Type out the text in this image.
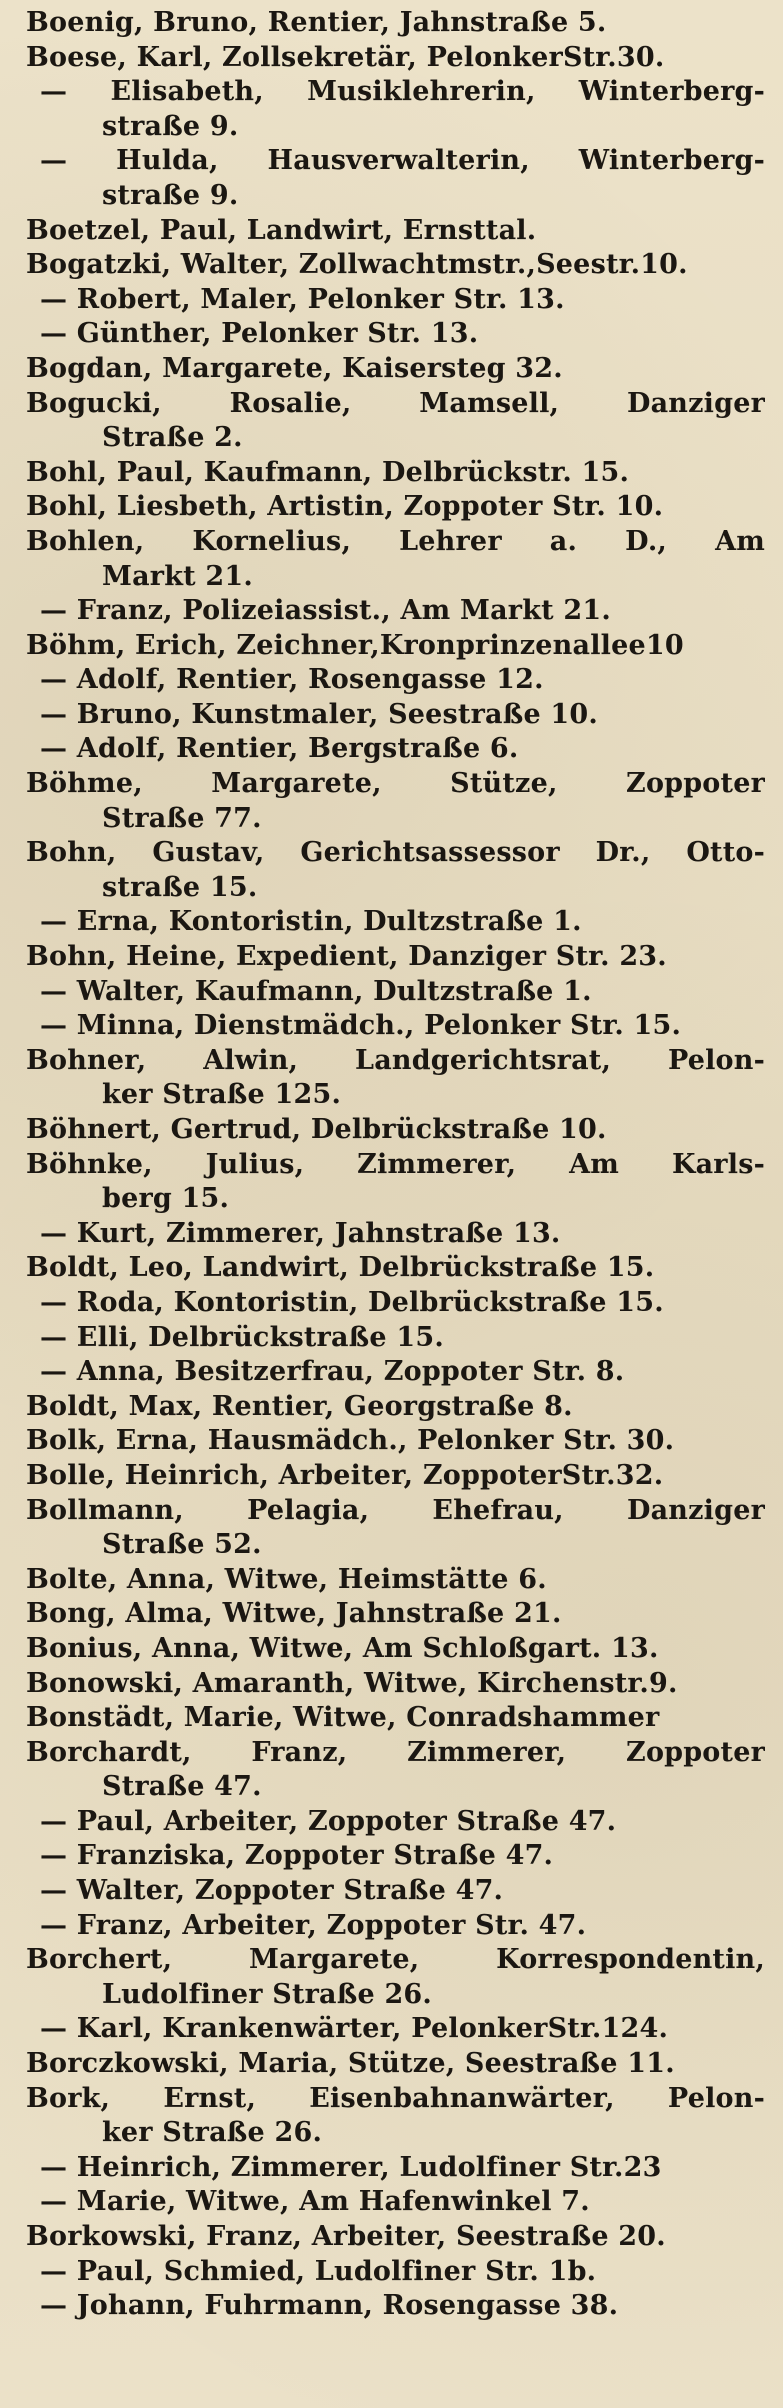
Boenig, Bruno, Rentier, Jahnstraße 5.
Boese, Karl, Zollsekretär, PelonkerStr.30.
— Elisabeth, Musiklehrerin, Winterberg-
straße 9.
— Hulda, Hausverwalterin, Winterberg-
straße 9.
Boetzel, Paul, Landwirt, Ernsttal.
Bogatzki, Walter, Zollwachtmstr.,Seestr.10.
— Robert, Maler, Pelonker Str. 13.
— Günther, Pelonker Str. 13.
Bogdan, Margarete, Kaisersteg 32.
Bogucki, Rosalie, Mamsell, Danziger
Straße 2.
Bohl, Paul, Kaufmann, Delbrückstr. 15.
Bohl, Liesbeth, Artistin, Zoppoter Str. 10.
Bohlen, Kornelius, Lehrer a. D., Am
Markt 21.
— Franz, Polizeiassist., Am Markt 21.
Böhm, Erich, Zeichner,Kronprinzenallee10
— Adolf, Rentier, Rosengasse 12.
— Bruno, Kunstmaler, Seestraße 10.
— Adolf, Rentier, Bergstraße 6.
Böhme, Margarete, Stütze, Zoppoter
Straße 77.
Bohn, Gustav, Gerichtsassessor Dr., Otto-
straße 15.
— Erna, Kontoristin, Dultzstraße 1.
Bohn, Heine, Expedient, Danziger Str. 23.
— Walter, Kaufmann, Dultzstraße 1.
— Minna, Dienstmädch., Pelonker Str. 15.
Bohner, Alwin, Landgerichtsrat, Pelon-
ker Straße 125.
Böhnert, Gertrud, Delbrückstraße 10.
Böhnke, Julius, Zimmerer, Am Karls-
berg 15.
— Kurt, Zimmerer, Jahnstraße 13.
Boldt, Leo, Landwirt, Delbrückstraße 15.
— Roda, Kontoristin, Delbrückstraße 15.
— Elli, Delbrückstraße 15.
— Anna, Besitzerfrau, Zoppoter Str. 8.
Boldt, Max, Rentier, Georgstraße 8.
Bolk, Erna, Hausmädch., Pelonker Str. 30.
Bolle, Heinrich, Arbeiter, ZoppoterStr.32.
Bollmann, Pelagia, Ehefrau, Danziger
Straße 52.
Bolte, Anna, Witwe, Heimstätte 6.
Bong, Alma, Witwe, Jahnstraße 21.
Bonius, Anna, Witwe, Am Schloßgart. 13.
Bonowski, Amaranth, Witwe, Kirchenstr.9.
Bonstädt, Marie, Witwe, Conradshammer
Borchardt, Franz, Zimmerer, Zoppoter
Straße 47.
— Paul, Arbeiter, Zoppoter Straße 47.
— Franziska, Zoppoter Straße 47.
— Walter, Zoppoter Straße 47.
— Franz, Arbeiter, Zoppoter Str. 47.
Borchert, Margarete, Korrespondentin,
Ludolfiner Straße 26.
— Karl, Krankenwärter, PelonkerStr.124.
Borczkowski, Maria, Stütze, Seestraße 11.
Bork, Ernst, Eisenbahnanwärter, Pelon-
ker Straße 26.
— Heinrich, Zimmerer, Ludolfiner Str.23
— Marie, Witwe, Am Hafenwinkel 7.
Borkowski, Franz, Arbeiter, Seestraße 20.
— Paul, Schmied, Ludolfiner Str. 1b.
— Johann, Fuhrmann, Rosengasse 38.
